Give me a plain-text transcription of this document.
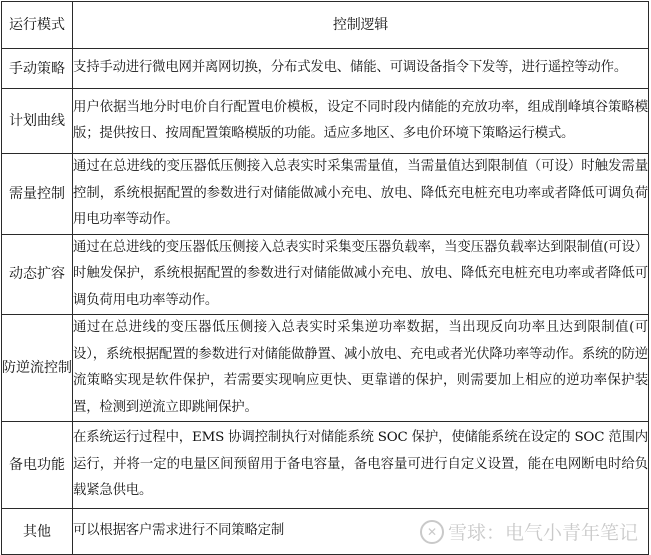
运行模式	控制逻辑
手动策略	支持手动进行微电网并离网切换，分布式发电、储能、可调设备指令下发等，进行遥控等动作。
计划曲线	用户依据当地分时电价自行配置电价模板，设定不同时段内储能的充放功率，组成削峰填谷策略模版；提供按日、按周配置策略模版的功能。适应多地区、多电价环境下策略运行模式。
需量控制	通过在总进线的变压器低压侧接入总表实时采集需量值，当需量值达到限制值（可设）时触发需量控制，系统根据配置的参数进行对储能做减小充电、放电、降低充电桩充电功率或者降低可调负荷用电功率等动作。
动态扩容	通过在总进线的变压器低压侧接入总表实时采集变压器负载率，当变压器负载率达到限制值(可设）时触发保护，系统根据配置的参数进行对储能做减小充电、放电、降低充电桩充电功率或者降低可调负荷用电功率等动作。
防逆流控制	通过在总进线的变压器低压侧接入总表实时采集逆功率数据，当出现反向功率且达到限制值(可设），系统根据配置的参数进行对储能做静置、减小放电、充电或者光伏降功率等动作。系统的防逆流策略实现是软件保护，若需要实现响应更快、更靠谱的保护，则需要加上相应的逆功率保护装置，检测到逆流立即跳闸保护。
备电功能	在系统运行过程中，EMS 协调控制执行对储能系统 SOC 保护，使储能系统在设定的 SOC 范围内运行，并将一定的电量区间预留用于备电容量，备电容量可进行自定义设置，能在电网断电时给负载紧急供电。
其他	可以根据客户需求进行不同策略定制	✕ 雪球：电气小青年笔记
